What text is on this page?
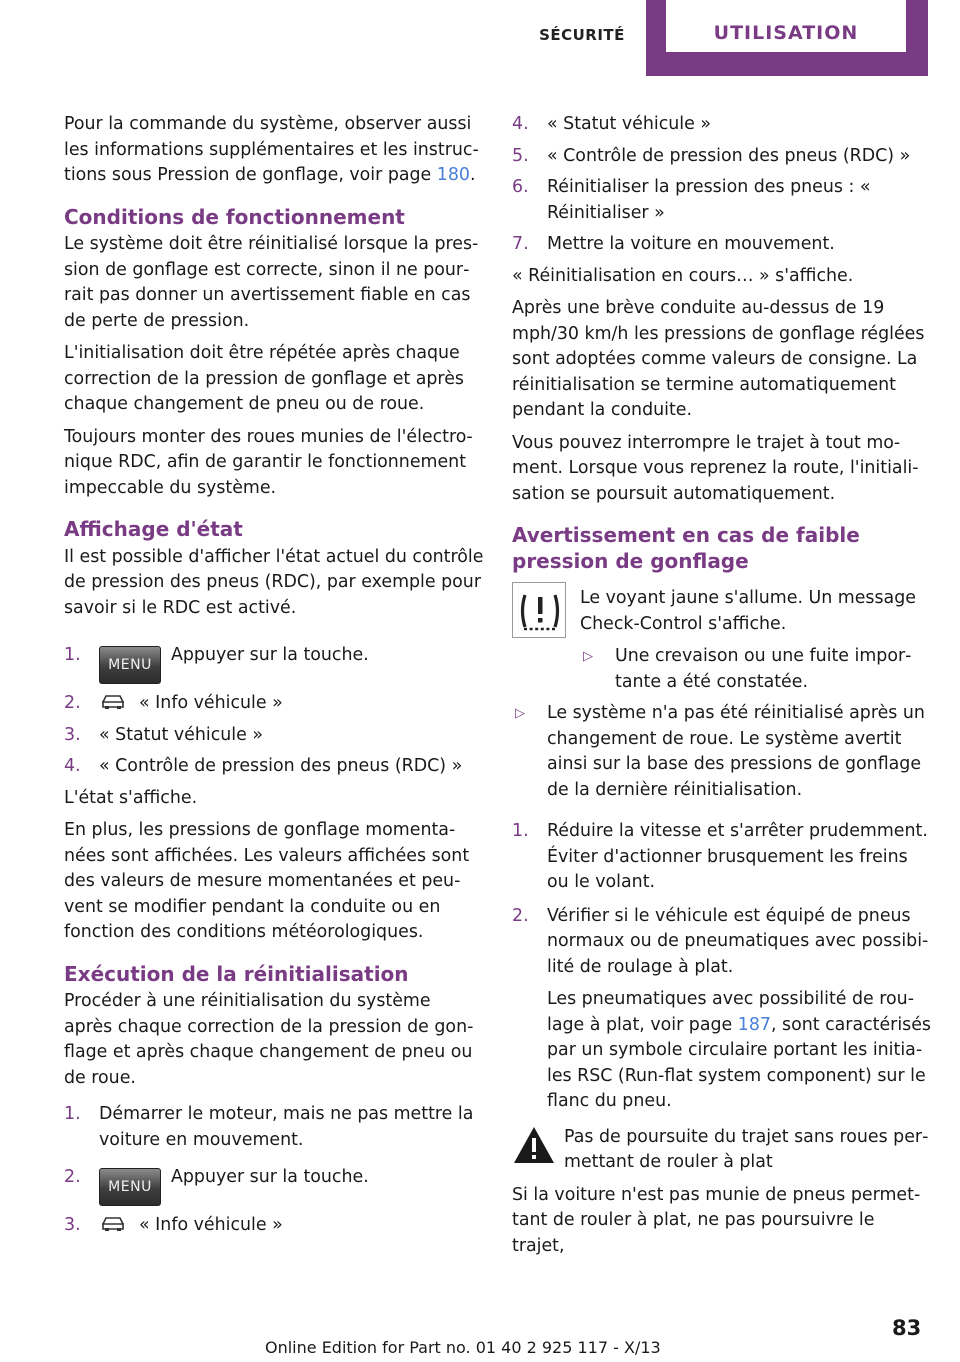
SÉCURITÉ	UTILISATION

Pour la commande du système, observer aussi les informations supplémentaires et les instructions sous Pression de gonflage, voir page 180.

Conditions de fonctionnement

Le système doit être réinitialisé lorsque la pression de gonflage est correcte, sinon il ne pourrait pas donner un avertissement fiable en cas de perte de pression.

L'initialisation doit être répétée après chaque correction de la pression de gonflage et après chaque changement de pneu ou de roue.

Toujours monter des roues munies de l'électronique RDC, afin de garantir le fonctionnement impeccable du système.

Affichage d'état

Il est possible d'afficher l'état actuel du contrôle de pression des pneus (RDC), par exemple pour savoir si le RDC est activé.

1. MENU Appuyer sur la touche.
2.	« Info véhicule »
3. « Statut véhicule »
4. « Contrôle de pression des pneus (RDC) »

L'état s'affiche.

En plus, les pressions de gonflage momentanées sont affichées. Les valeurs affichées sont des valeurs de mesure momentanées et peuvent se modifier pendant la conduite ou en fonction des conditions météorologiques.

Exécution de la réinitialisation

Procéder à une réinitialisation du système après chaque correction de la pression de gonflage et après chaque changement de pneu ou de roue.

1. Démarrer le moteur, mais ne pas mettre la voiture en mouvement.
2. MENU Appuyer sur la touche.
3.	« Info véhicule »
4. « Statut véhicule »
5. « Contrôle de pression des pneus (RDC) »
6. Réinitialiser la pression des pneus : « Réinitialiser »
7. Mettre la voiture en mouvement.

« Réinitialisation en cours… » s'affiche.

Après une brève conduite au-dessus de 19 mph/30 km/h les pressions de gonflage réglées sont adoptées comme valeurs de consigne. La réinitialisation se termine automatiquement pendant la conduite.

Vous pouvez interrompre le trajet à tout moment. Lorsque vous reprenez la route, l'initialisation se poursuit automatiquement.

Avertissement en cas de faible pression de gonflage

Le voyant jaune s'allume. Un message Check-Control s'affiche.

▷ Une crevaison ou une fuite importante a été constatée.
▷ Le système n'a pas été réinitialisé après un changement de roue. Le système avertit ainsi sur la base des pressions de gonflage de la dernière réinitialisation.
1. Réduire la vitesse et s'arrêter prudemment. Éviter d'actionner brusquement les freins ou le volant.
2. Vérifier si le véhicule est équipé de pneus normaux ou de pneumatiques avec possibilité de roulage à plat.
Les pneumatiques avec possibilité de roulage à plat, voir page 187, sont caractérisés par un symbole circulaire portant les initiales RSC (Run-flat system component) sur le flanc du pneu.

Pas de poursuite du trajet sans roues permettant de rouler à plat

Si la voiture n'est pas munie de pneus permettant de rouler à plat, ne pas poursuivre le trajet,

83
Online Edition for Part no. 01 40 2 925 117 - X/13
